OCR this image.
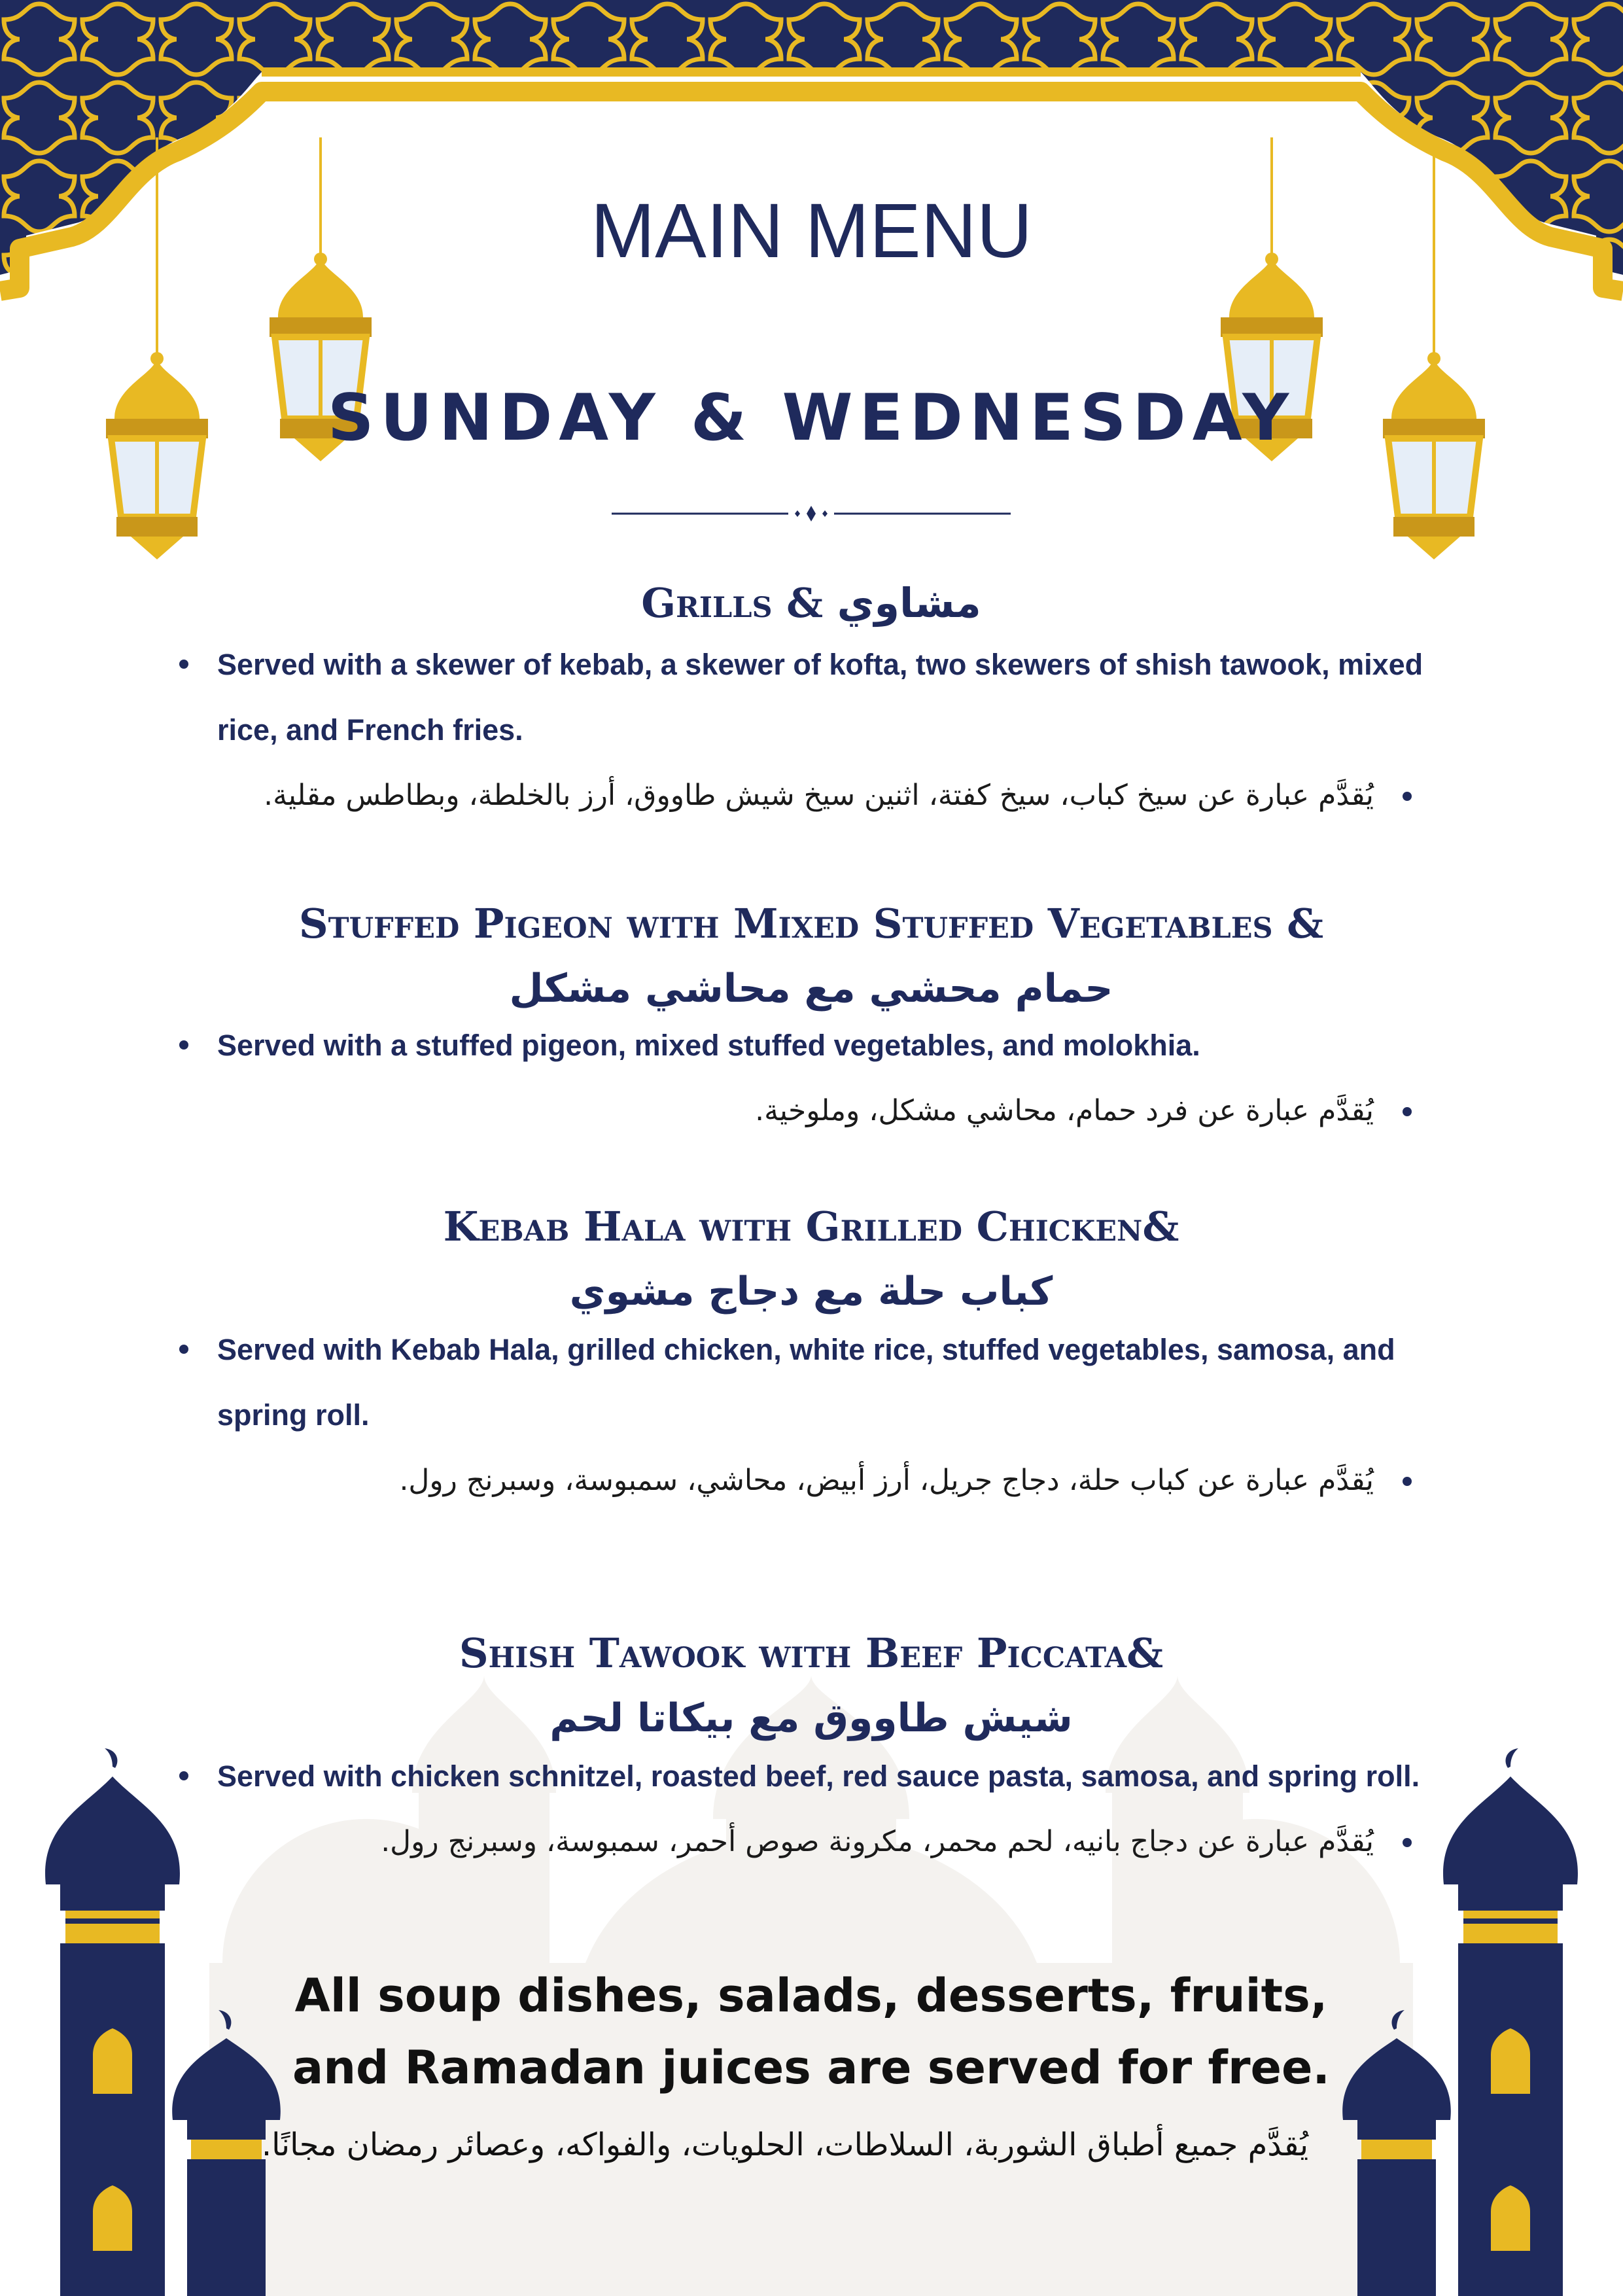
MAIN MENU
SUNDAY & WEDNESDAY
Grills & مشاوي
Served with a skewer of kebab, a skewer of kofta, two skewers of shish tawook, mixed rice, and French fries.
يُقدَّم عبارة عن سيخ كباب، سيخ كفتة، اثنين سيخ شيش طاووق، أرز بالخلطة، وبطاطس مقلية.
Stuffed Pigeon with Mixed Stuffed Vegetables &
حمام محشي مع محاشي مشكل
Served with a stuffed pigeon, mixed stuffed vegetables, and molokhia.
يُقدَّم عبارة عن فرد حمام، محاشي مشكل، وملوخية.
Kebab Hala with Grilled Chicken&
كباب حلة مع دجاج مشوي
Served with Kebab Hala, grilled chicken, white rice, stuffed vegetables, samosa, and spring roll.
يُقدَّم عبارة عن كباب حلة، دجاج جريل، أرز أبيض، محاشي، سمبوسة، وسبرنج رول.
Shish Tawook with Beef Piccata&
شيش طاووق مع بيكاتا لحم
Served with chicken schnitzel, roasted beef, red sauce pasta, samosa, and spring roll.
يُقدَّم عبارة عن دجاج بانيه، لحم محمر، مكرونة صوص أحمر، سمبوسة، وسبرنج رول.
All soup dishes, salads, desserts, fruits,
and Ramadan juices are served for free.
يُقدَّم جميع أطباق الشوربة، السلاطات، الحلويات، والفواكه، وعصائر رمضان مجانًا.
